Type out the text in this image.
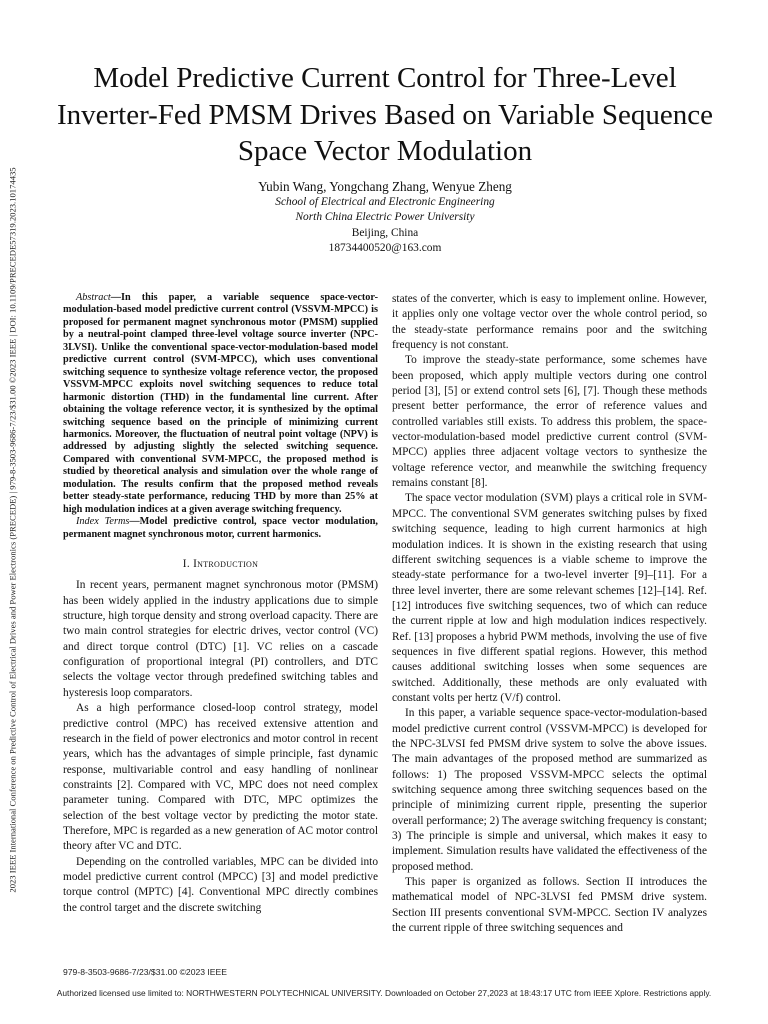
2023 IEEE International Conference on Predictive Control of Electrical Drives and Power Electronics (PRECEDE) | 979-8-3503-9686-7/23/$31.00 ©2023 IEEE | DOI: 10.1109/PRECEDE57319.2023.10174435
Model Predictive Current Control for Three-Level Inverter-Fed PMSM Drives Based on Variable Sequence Space Vector Modulation
Yubin Wang, Yongchang Zhang, Wenyue Zheng
School of Electrical and Electronic Engineering
North China Electric Power University
Beijing, China
18734400520@163.com

Abstract—In this paper, a variable sequence space-vector-modulation-based model predictive current control (VSSVM-MPCC) is proposed for permanent magnet synchronous motor (PMSM) supplied by a neutral-point clamped three-level voltage source inverter (NPC-3LVSI). Unlike the conventional space-vector-modulation-based model predictive current control (SVM-MPCC), which uses conventional switching sequence to synthesize voltage reference vector, the proposed VSSVM-MPCC exploits novel switching sequences to reduce total harmonic distortion (THD) in the fundamental line current. After obtaining the voltage reference vector, it is synthesized by the optimal switching sequence based on the principle of minimizing current harmonics. Moreover, the fluctuation of neutral point voltage (NPV) is addressed by adjusting slightly the selected switching sequence. Compared with conventional SVM-MPCC, the proposed method is studied by theoretical analysis and simulation over the whole range of modulation. The results confirm that the proposed method reveals better steady-state performance, reducing THD by more than 25% at high modulation indices at a given average switching frequency.

Index Terms—Model predictive control, space vector modulation, permanent magnet synchronous motor, current harmonics.

I. Introduction

In recent years, permanent magnet synchronous motor (PMSM) has been widely applied in the industry applications due to simple structure, high torque density and strong overload capacity. There are two main control strategies for electric drives, vector control (VC) and direct torque control (DTC) [1]. VC relies on a cascade configuration of proportional integral (PI) controllers, and DTC selects the voltage vector through predefined switching tables and hysteresis loop comparators.

As a high performance closed-loop control strategy, model predictive control (MPC) has received extensive attention and research in the field of power electronics and motor control in recent years, which has the advantages of simple principle, fast dynamic response, multivariable control and easy handling of nonlinear constraints [2]. Compared with VC, MPC does not need complex parameter tuning. Compared with DTC, MPC optimizes the selection of the best voltage vector by predicting the motor state. Therefore, MPC is regarded as a new generation of AC motor control theory after VC and DTC.

Depending on the controlled variables, MPC can be divided into model predictive current control (MPCC) [3] and model predictive torque control (MPTC) [4]. Conventional MPC directly combines the control target and the discrete switching

states of the converter, which is easy to implement online. However, it applies only one voltage vector over the whole control period, so the steady-state performance remains poor and the switching frequency is not constant.

To improve the steady-state performance, some schemes have been proposed, which apply multiple vectors during one control period [3], [5] or extend control sets [6], [7]. Though these methods present better performance, the error of reference values and controlled variables still exists. To address this problem, the space-vector-modulation-based model predictive current control (SVM-MPCC) applies three adjacent voltage vectors to synthesize the voltage reference vector, and meanwhile the switching frequency remains constant [8].

The space vector modulation (SVM) plays a critical role in SVM-MPCC. The conventional SVM generates switching pulses by fixed switching sequence, leading to high current harmonics at high modulation indices. It is shown in the existing research that using different switching sequences is a viable scheme to improve the steady-state performance for a two-level inverter [9]–[11]. For a three level inverter, there are some relevant schemes [12]–[14]. Ref. [12] introduces five switching sequences, two of which can reduce the current ripple at low and high modulation indices respectively. Ref. [13] proposes a hybrid PWM methods, involving the use of five sequences in five different spatial regions. However, this method causes additional switching losses when some sequences are switched. Additionally, these methods are only evaluated with constant volts per hertz (V/f) control.

In this paper, a variable sequence space-vector-modulation-based model predictive current control (VSSVM-MPCC) is developed for the NPC-3LVSI fed PMSM drive system to solve the above issues. The main advantages of the proposed method are summarized as follows: 1) The proposed VSSVM-MPCC selects the optimal switching sequence among three switching sequences based on the principle of minimizing current ripple, presenting the superior overall performance; 2) The average switching frequency is constant; 3) The principle is simple and universal, which makes it easy to implement. Simulation results have validated the effectiveness of the proposed method.

This paper is organized as follows. Section II introduces the mathematical model of NPC-3LVSI fed PMSM drive system. Section III presents conventional SVM-MPCC. Section IV analyzes the current ripple of three switching sequences and

979-8-3503-9686-7/23/$31.00 ©2023 IEEE
Authorized licensed use limited to: NORTHWESTERN POLYTECHNICAL UNIVERSITY. Downloaded on October 27,2023 at 18:43:17 UTC from IEEE Xplore. Restrictions apply.
